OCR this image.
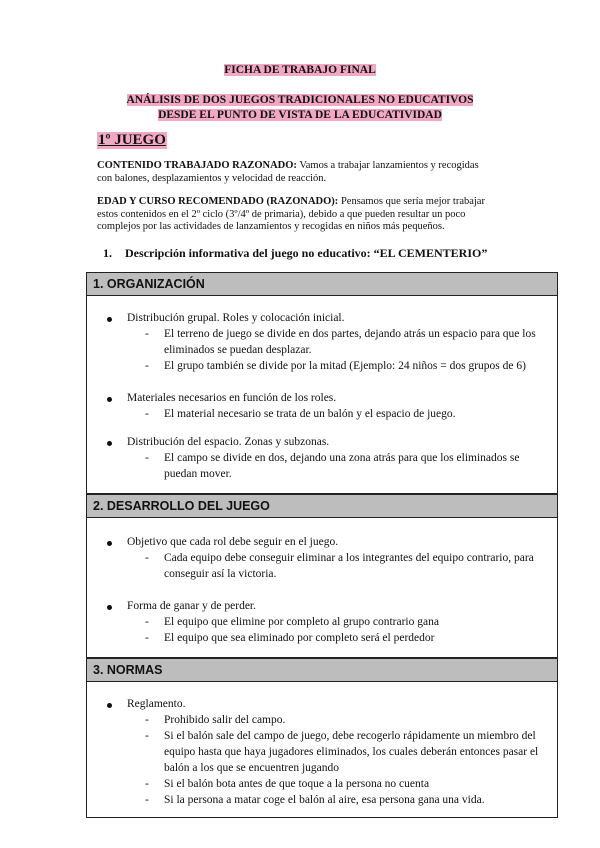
FICHA DE TRABAJO FINAL
ANÁLISIS DE DOS JUEGOS TRADICIONALES NO EDUCATIVOS
DESDE EL PUNTO DE VISTA DE LA EDUCATIVIDAD
1º JUEGO
CONTENIDO TRABAJADO RAZONADO: Vamos a trabajar lanzamientos y recogidas
con balones, desplazamientos y velocidad de reacción.
EDAD Y CURSO RECOMENDADO (RAZONADO): Pensamos que sería mejor trabajar
estos contenidos en el 2º ciclo (3º/4º de primaria), debido a que pueden resultar un poco
complejos por las actividades de lanzamientos y recogidas en niños más pequeños.
1. Descripción informativa del juego no educativo: “EL CEMENTERIO”
1. ORGANIZACIÓN
Distribución grupal. Roles y colocación inicial.
- El terreno de juego se divide en dos partes, dejando atrás un espacio para que los
eliminados se puedan desplazar.
- El grupo también se divide por la mitad (Ejemplo: 24 niños = dos grupos de 6)
Materiales necesarios en función de los roles.
- El material necesario se trata de un balón y el espacio de juego.
Distribución del espacio. Zonas y subzonas.
- El campo se divide en dos, dejando una zona atrás para que los eliminados se
puedan mover.
2. DESARROLLO DEL JUEGO
Objetivo que cada rol debe seguir en el juego.
- Cada equipo debe conseguir eliminar a los integrantes del equipo contrario, para
conseguir así la victoria.
Forma de ganar y de perder.
- El equipo que elimine por completo al grupo contrario gana
- El equipo que sea eliminado por completo será el perdedor
3. NORMAS
Reglamento.
- Prohibido salir del campo.
- Si el balón sale del campo de juego, debe recogerlo rápidamente un miembro del
equipo hasta que haya jugadores eliminados, los cuales deberán entonces pasar el
balón a los que se encuentren jugando
- Si el balón bota antes de que toque a la persona no cuenta
- Si la persona a matar coge el balón al aire, esa persona gana una vida.
